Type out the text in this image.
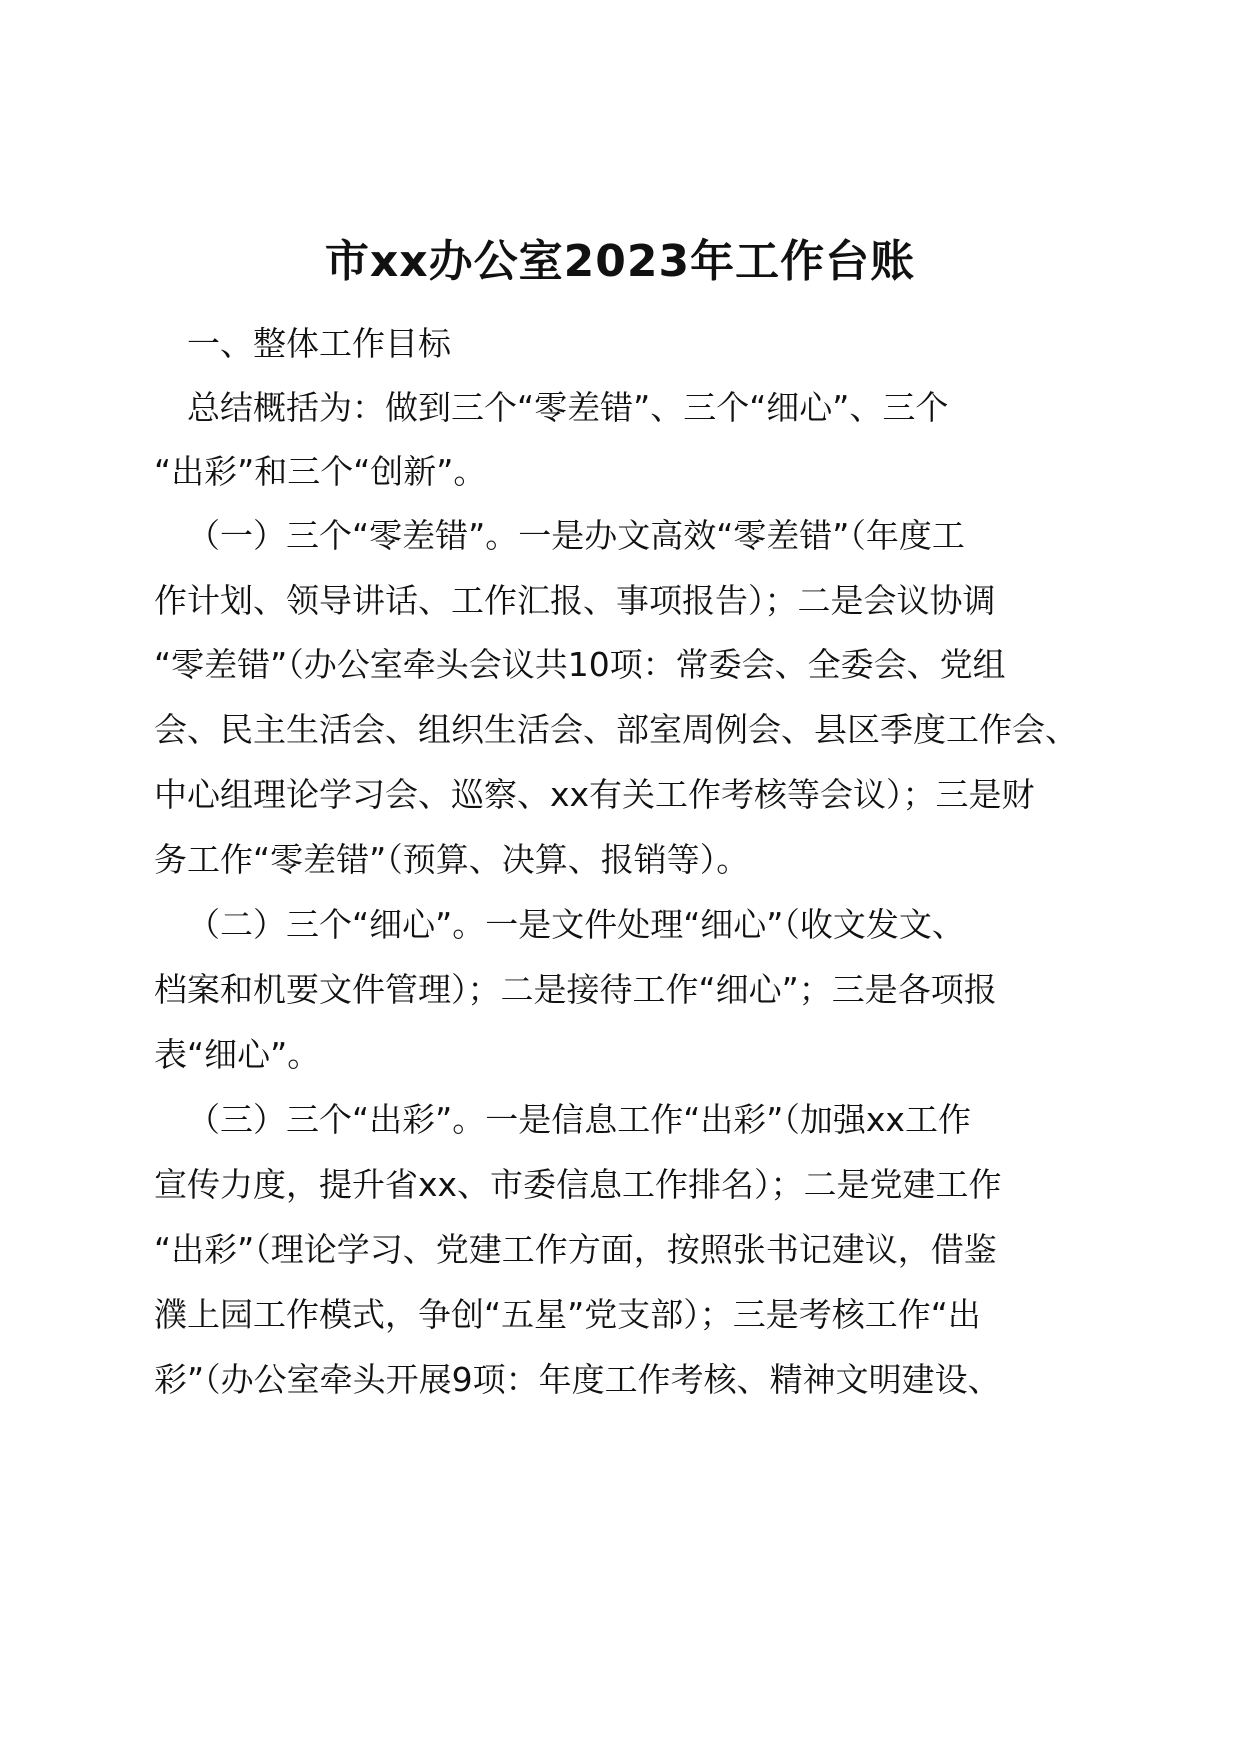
市xx办公室2023年工作台账
一、整体工作目标
总结概括为：做到三个“零差错”、三个“细心”、三个
“出彩”和三个“创新”。
（一）三个“零差错”。一是办文高效“零差错”（年度工
作计划、领导讲话、工作汇报、事项报告）；二是会议协调
“零差错”（办公室牵头会议共10项：常委会、全委会、党组
会、民主生活会、组织生活会、部室周例会、县区季度工作会、
中心组理论学习会、巡察、xx有关工作考核等会议）；三是财
务工作“零差错”（预算、决算、报销等）。
（二）三个“细心”。一是文件处理“细心”（收文发文、
档案和机要文件管理）；二是接待工作“细心”；三是各项报
表“细心”。
（三）三个“出彩”。一是信息工作“出彩”（加强xx工作
宣传力度，提升省xx、市委信息工作排名）；二是党建工作
“出彩”（理论学习、党建工作方面，按照张书记建议，借鉴
濮上园工作模式，争创“五星”党支部）；三是考核工作“出
彩”（办公室牵头开展9项：年度工作考核、精神文明建设、
